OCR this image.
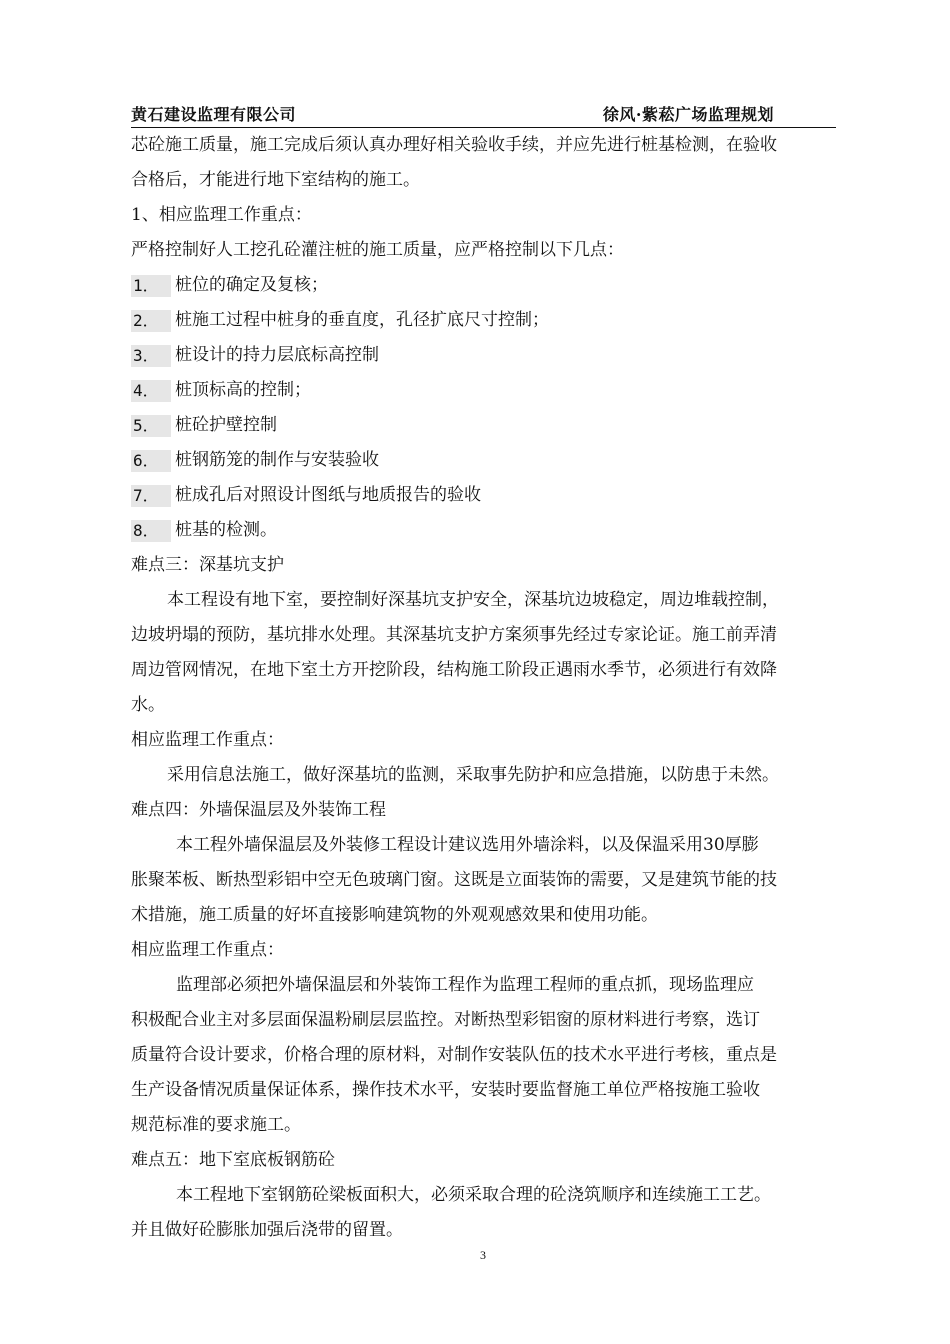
黄石建设监理有限公司	徐风·紫菘广场监理规划
芯砼施工质量，施工完成后须认真办理好相关验收手续，并应先进行桩基检测，在验收
合格后，才能进行地下室结构的施工。
1、相应监理工作重点：
严格控制好人工挖孔砼灌注桩的施工质量，应严格控制以下几点：
1． 桩位的确定及复核；
2． 桩施工过程中桩身的垂直度，孔径扩底尺寸控制；
3． 桩设计的持力层底标高控制
4． 桩顶标高的控制；
5． 桩砼护壁控制
6． 桩钢筋笼的制作与安装验收
7． 桩成孔后对照设计图纸与地质报告的验收
8． 桩基的检测。
难点三：深基坑支护
本工程设有地下室，要控制好深基坑支护安全，深基坑边坡稳定，周边堆载控制，
边坡坍塌的预防，基坑排水处理。其深基坑支护方案须事先经过专家论证。施工前弄清
周边管网情况，在地下室土方开挖阶段，结构施工阶段正遇雨水季节，必须进行有效降
水。
相应监理工作重点：
采用信息法施工，做好深基坑的监测，采取事先防护和应急措施，以防患于未然。
难点四：外墙保温层及外装饰工程
本工程外墙保温层及外装修工程设计建议选用外墙涂料，以及保温采用30厚膨
胀聚苯板、断热型彩铝中空无色玻璃门窗。这既是立面装饰的需要，又是建筑节能的技
术措施，施工质量的好坏直接影响建筑物的外观观感效果和使用功能。
相应监理工作重点：
监理部必须把外墙保温层和外装饰工程作为监理工程师的重点抓，现场监理应
积极配合业主对多层面保温粉刷层层监控。对断热型彩铝窗的原材料进行考察，选订
质量符合设计要求，价格合理的原材料，对制作安装队伍的技术水平进行考核，重点是
生产设备情况质量保证体系，操作技术水平，安装时要监督施工单位严格按施工验收
规范标准的要求施工。
难点五：地下室底板钢筋砼
本工程地下室钢筋砼梁板面积大，必须采取合理的砼浇筑顺序和连续施工工艺。
并且做好砼膨胀加强后浇带的留置。
3
